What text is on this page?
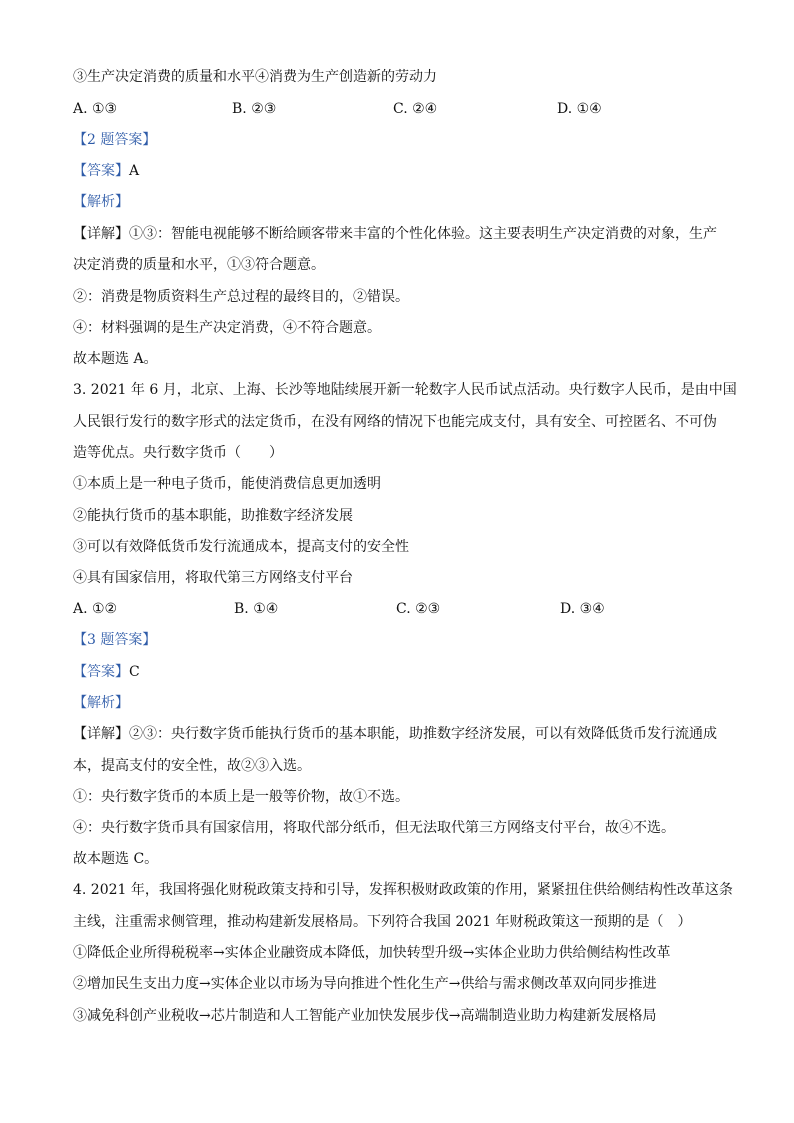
③生产决定消费的质量和水平④消费为生产创造新的劳动力
A. ①③	B. ②③	C. ②④	D. ①④
【2 题答案】
【答案】A
【解析】
【详解】①③：智能电视能够不断给顾客带来丰富的个性化体验。这主要表明生产决定消费的对象，生产
决定消费的质量和水平，①③符合题意。
②：消费是物质资料生产总过程的最终目的，②错误。
④：材料强调的是生产决定消费，④不符合题意。
故本题选 A。
3. 2021 年 6 月，北京、上海、长沙等地陆续展开新一轮数字人民币试点活动。央行数字人民币，是由中国
人民银行发行的数字形式的法定货币，在没有网络的情况下也能完成支付，具有安全、可控匿名、不可伪
造等优点。央行数字货币（　　）
①本质上是一种电子货币，能使消费信息更加透明
②能执行货币的基本职能，助推数字经济发展
③可以有效降低货币发行流通成本，提高支付的安全性
④具有国家信用，将取代第三方网络支付平台
A. ①②	B. ①④	C. ②③	D. ③④
【3 题答案】
【答案】C
【解析】
【详解】②③：央行数字货币能执行货币的基本职能，助推数字经济发展，可以有效降低货币发行流通成
本，提高支付的安全性，故②③入选。
①：央行数字货币的本质上是一般等价物，故①不选。
④：央行数字货币具有国家信用，将取代部分纸币，但无法取代第三方网络支付平台，故④不选。
故本题选 C。
4. 2021 年，我国将强化财税政策支持和引导，发挥积极财政政策的作用，紧紧扭住供给侧结构性改革这条
主线，注重需求侧管理，推动构建新发展格局。下列符合我国 2021 年财税政策这一预期的是（　）
①降低企业所得税税率→实体企业融资成本降低，加快转型升级→实体企业助力供给侧结构性改革
②增加民生支出力度→实体企业以市场为导向推进个性化生产→供给与需求侧改革双向同步推进
③减免科创产业税收→芯片制造和人工智能产业加快发展步伐→高端制造业助力构建新发展格局
